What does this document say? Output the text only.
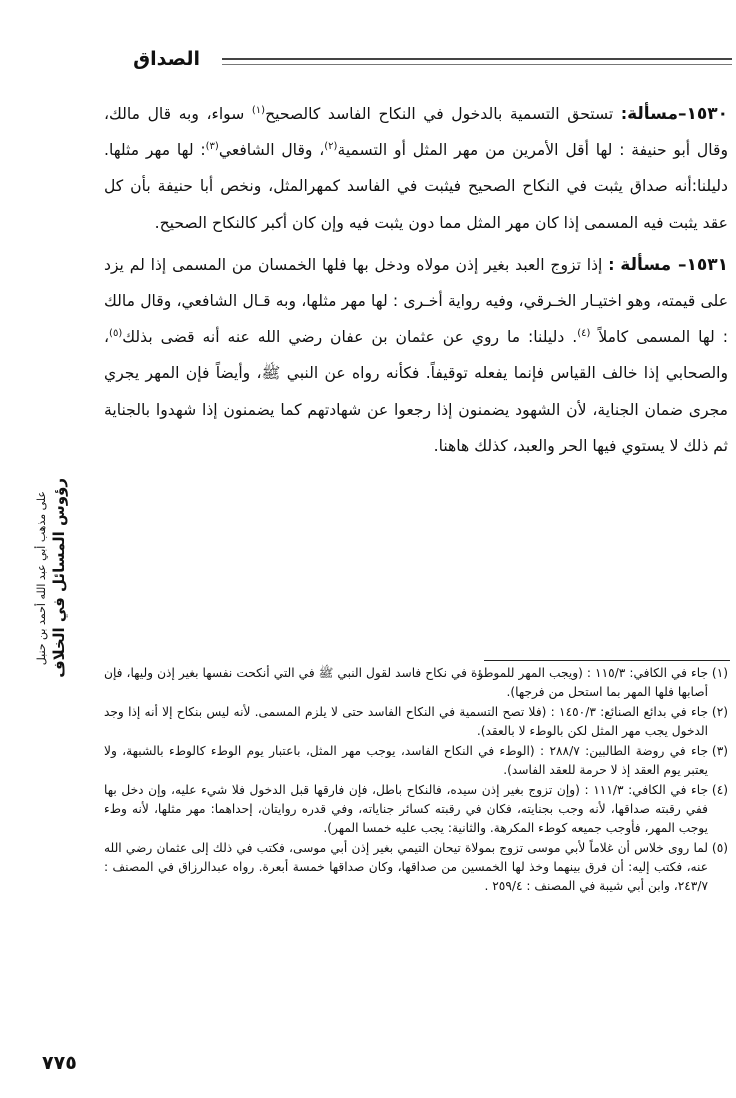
الصداق

١٥٣٠–مسألة: تستحق التسمية بالدخول في النكاح الفاسد كالصحيح$^{(١)}$ سواء، وبه قال مالك، وقال أبو حنيفة : لها أقل الأمرين من مهر المثل أو التسمية$^{(٢)}$، وقال الشافعي$^{(٣)}$: لها مهر مثلها. دليلنا:أنه صداق يثبت في النكاح الصحيح فيثبت في الفاسد كمهرالمثل، ونخص أبا حنيفة بأن كل عقد يثبت فيه المسمى إذا كان مهر المثل مما دون يثبت فيه وإن كان أكبر كالنكاح الصحيح.

١٥٣١– مسألة : إذا تزوج العبد بغير إذن مولاه ودخل بها فلها الخمسان من المسمى إذا لم يزد على قيمته، وهو اختيـار الخـرقي، وفيه رواية أخـرى : لها مهر مثلها، وبه قـال الشافعي، وقال مالك : لها المسمى كاملاً $^{(٤)}$. دليلنا: ما روي عن عثمان بن عفان رضي الله عنه أنه قضى بذلك$^{(٥)}$، والصحابي إذا خالف القياس فإنما يفعله توقيفاً. فكأنه رواه عن النبي ﷺ، وأيضاً فإن المهر يجري مجرى ضمان الجناية، لأن الشهود يضمنون إذا رجعوا عن شهادتهم كما يضمنون إذا شهدوا بالجناية ثم ذلك لا يستوي فيها الحر والعبد، كذلك هاهنا.

(١)
جاء في الكافي: ١١٥/٣ : (ويجب المهر للموطؤة في نكاح فاسد لقول النبي ﷺ في التي أنكحت نفسها بغير إذن وليها، فإن أصابها فلها المهر بما استحل من فرجها).
(٢)
جاء في بدائع الصنائع: ١٤٥٠/٣ : (فلا تصح التسمية في النكاح الفاسد حتى لا يلزم المسمى. لأنه ليس بنكاح إلا أنه إذا وجد الدخول يجب مهر المثل لكن بالوطء لا بالعقد).
(٣)
جاء في روضة الطالبين: ٢٨٨/٧ : (الوطء في النكاح الفاسد، يوجب مهر المثل، باعتبار يوم الوطء كالوطء بالشبهة، ولا يعتبر يوم العقد إذ لا حرمة للعقد الفاسد).
(٤)
جاء في الكافي: ١١١/٣ : (وإن تزوج بغير إذن سيده، فالنكاح باطل، فإن فارقها قبل الدخول فلا شيء عليه، وإن دخل بها ففي رقبته صداقها، لأنه وجب بجنايته، فكان في رقبته كسائر جناياته، وفي قدره روايتان، إحداهما: مهر مثلها، لأنه وطء يوجب المهر، فأوجب جميعه كوطء المكرهة. والثانية: يجب عليه خمسا المهر).
(٥)
لما روى خلاس أن غلاماً لأبي موسى تزوج بمولاة تيحان التيمي بغير إذن أبي موسى، فكتب في ذلك إلى عثمان رضي الله عنه، فكتب إليه: أن فرق بينهما وخذ لها الخمسين من صداقها، وكان صداقها خمسة أبعرة. رواه عبدالرزاق في المصنف : ٢٤٣/٧، وابن أبي شيبة في المصنف : ٢٥٩/٤ .
رؤوس المسائل في الخلاف
على مذهب أبي عبد الله أحمد بن حنبل
٧٧٥
